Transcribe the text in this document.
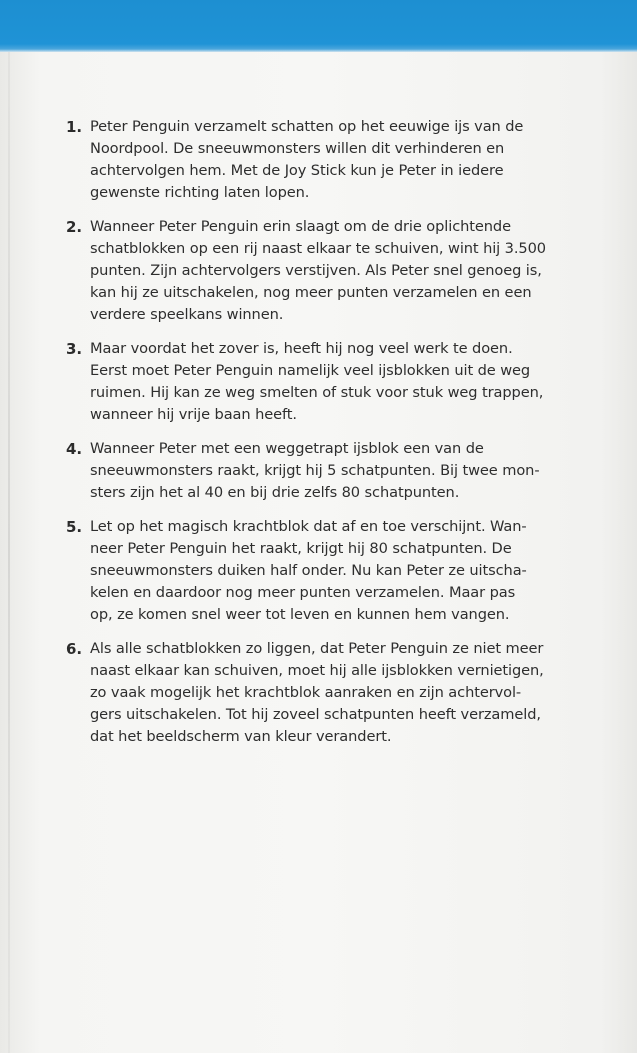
1. Peter Penguin verzamelt schatten op het eeuwige ijs van de
Noordpool. De sneeuwmonsters willen dit verhinderen en
achtervolgen hem. Met de Joy Stick kun je Peter in iedere
gewenste richting laten lopen.
2. Wanneer Peter Penguin erin slaagt om de drie oplichtende
schatblokken op een rij naast elkaar te schuiven, wint hij 3.500
punten. Zijn achtervolgers verstijven. Als Peter snel genoeg is,
kan hij ze uitschakelen, nog meer punten verzamelen en een
verdere speelkans winnen.
3. Maar voordat het zover is, heeft hij nog veel werk te doen.
Eerst moet Peter Penguin namelijk veel ijsblokken uit de weg
ruimen. Hij kan ze weg smelten of stuk voor stuk weg trappen,
wanneer hij vrije baan heeft.
4. Wanneer Peter met een weggetrapt ijsblok een van de
sneeuwmonsters raakt, krijgt hij 5 schatpunten. Bij twee mon-
sters zijn het al 40 en bij drie zelfs 80 schatpunten.
5. Let op het magisch krachtblok dat af en toe verschijnt. Wan-
neer Peter Penguin het raakt, krijgt hij 80 schatpunten. De
sneeuwmonsters duiken half onder. Nu kan Peter ze uitscha-
kelen en daardoor nog meer punten verzamelen. Maar pas
op, ze komen snel weer tot leven en kunnen hem vangen.
6. Als alle schatblokken zo liggen, dat Peter Penguin ze niet meer
naast elkaar kan schuiven, moet hij alle ijsblokken vernietigen,
zo vaak mogelijk het krachtblok aanraken en zijn achtervol-
gers uitschakelen. Tot hij zoveel schatpunten heeft verzameld,
dat het beeldscherm van kleur verandert.
